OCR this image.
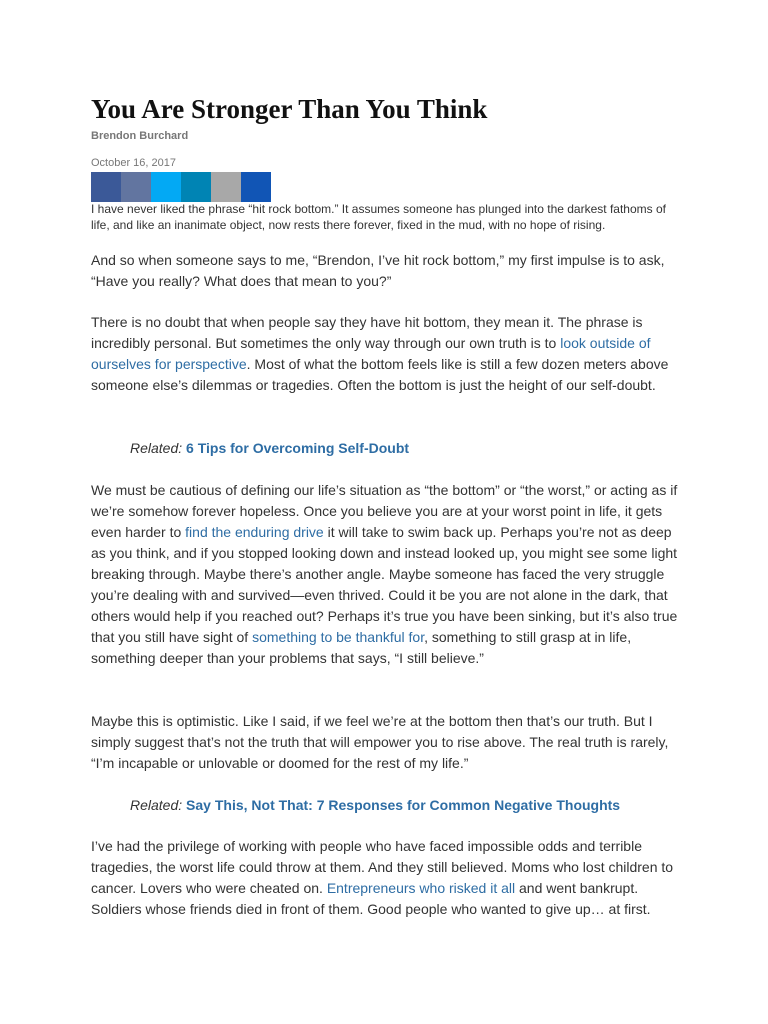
You Are Stronger Than You Think
Brendon Burchard
October 16, 2017

I have never liked the phrase “hit rock bottom.” It assumes someone has plunged into the darkest fathoms of life, and like an inanimate object, now rests there forever, fixed in the mud, with no hope of rising.

And so when someone says to me, “Brendon, I’ve hit rock bottom,” my first impulse is to ask, “Have you really? What does that mean to you?”

There is no doubt that when people say they have hit bottom, they mean it. The phrase is incredibly personal. But sometimes the only way through our own truth is to look outside of ourselves for perspective. Most of what the bottom feels like is still a few dozen meters above someone else’s dilemmas or tragedies. Often the bottom is just the height of our self-doubt.

Related: 6 Tips for Overcoming Self-Doubt

We must be cautious of defining our life’s situation as “the bottom” or “the worst,” or acting as if we’re somehow forever hopeless. Once you believe you are at your worst point in life, it gets even harder to find the enduring drive it will take to swim back up. Perhaps you’re not as deep as you think, and if you stopped looking down and instead looked up, you might see some light breaking through. Maybe there’s another angle. Maybe someone has faced the very struggle you’re dealing with and survived—even thrived. Could it be you are not alone in the dark, that others would help if you reached out? Perhaps it’s true you have been sinking, but it’s also true that you still have sight of something to be thankful for, something to still grasp at in life, something deeper than your problems that says, “I still believe.”

Maybe this is optimistic. Like I said, if we feel we’re at the bottom then that’s our truth. But I simply suggest that’s not the truth that will empower you to rise above. The real truth is rarely, “I’m incapable or unlovable or doomed for the rest of my life.”

Related: Say This, Not That: 7 Responses for Common Negative Thoughts

I’ve had the privilege of working with people who have faced impossible odds and terrible tragedies, the worst life could throw at them. And they still believed. Moms who lost children to cancer. Lovers who were cheated on. Entrepreneurs who risked it all and went bankrupt. Soldiers whose friends died in front of them. Good people who wanted to give up… at first.
